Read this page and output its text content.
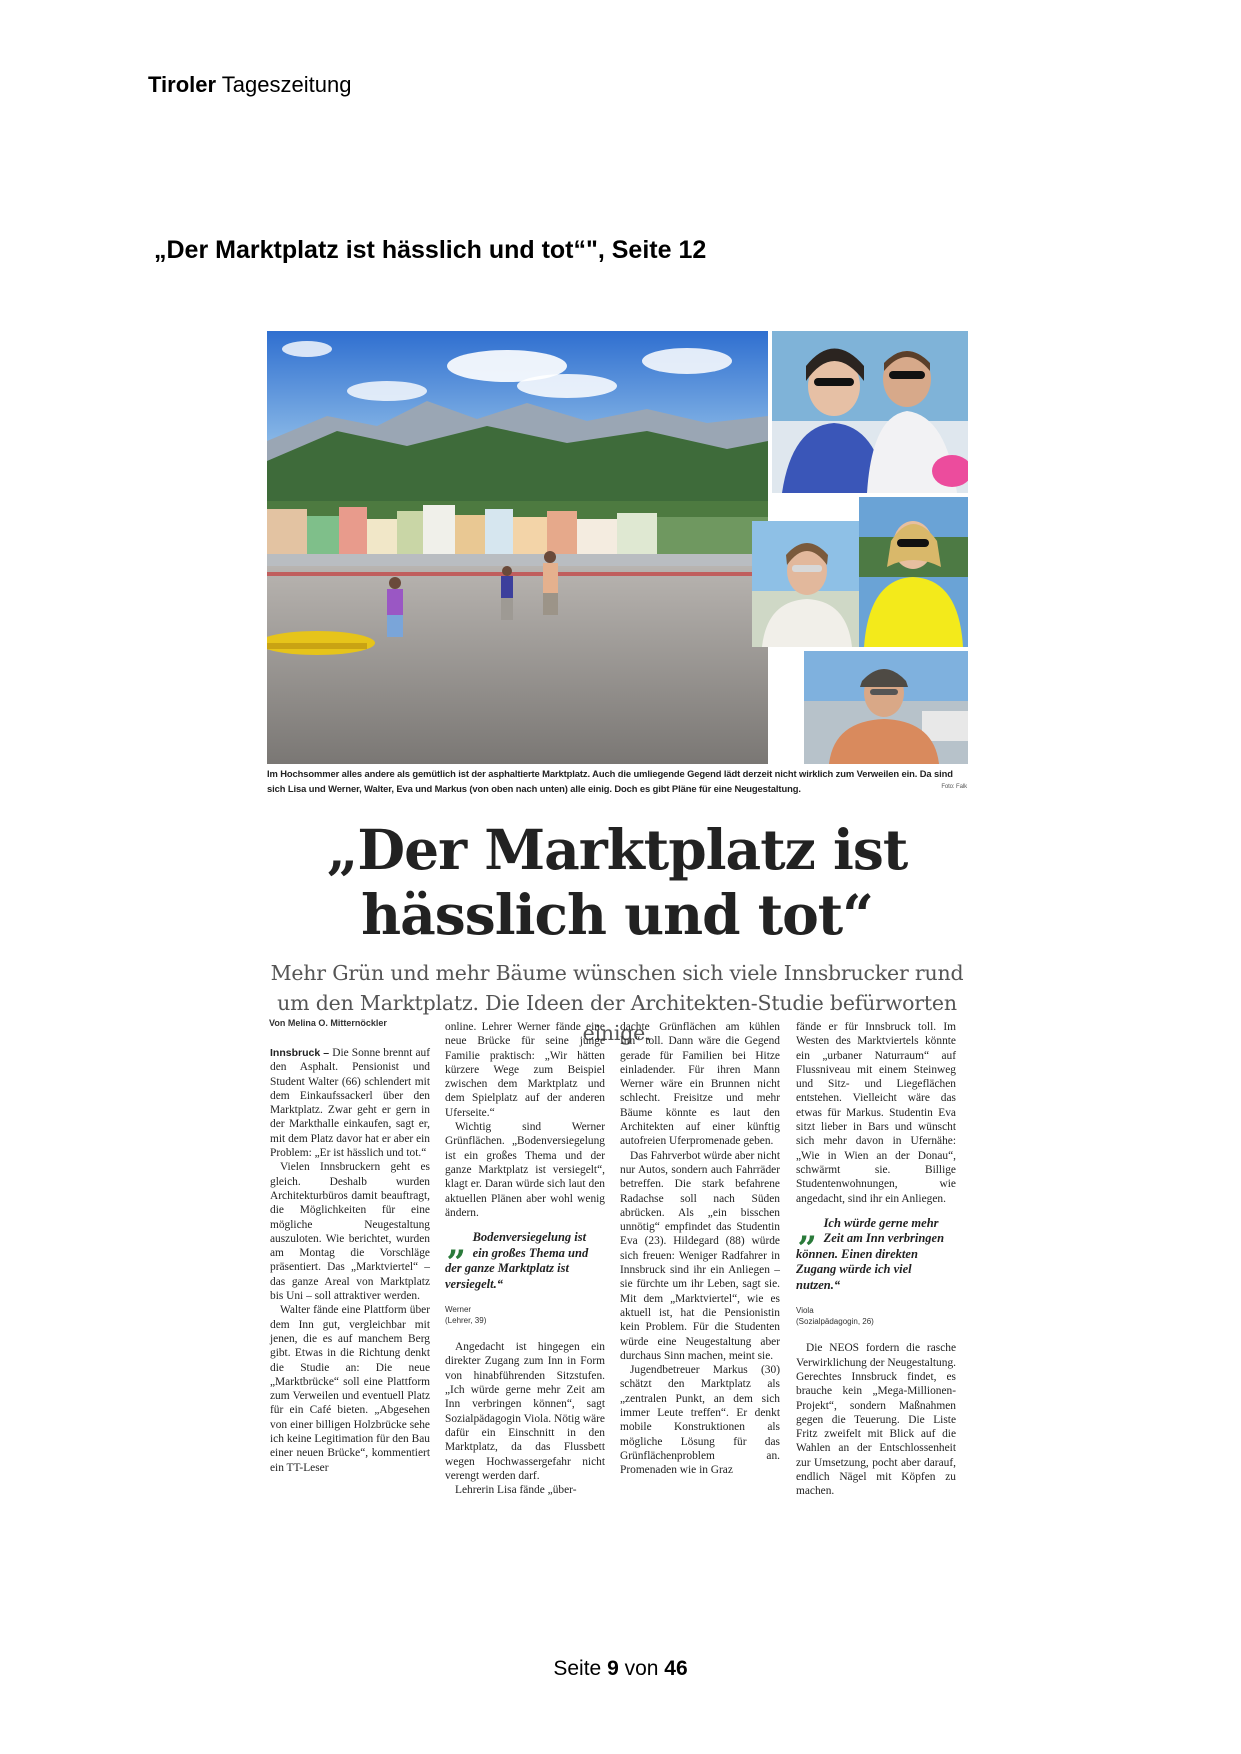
Tiroler Tageszeitung
„Der Marktplatz ist hässlich und tot“", Seite 12
Im Hochsommer alles andere als gemütlich ist der asphaltierte Marktplatz. Auch die umliegende Gegend lädt derzeit nicht wirklich zum Verweilen ein. Da sind sich Lisa und Werner, Walter, Eva und Markus (von oben nach unten) alle einig. Doch es gibt Pläne für eine Neugestaltung.	Foto: Falk
„Der Marktplatz ist
hässlich und tot“
Mehr Grün und mehr Bäume wünschen sich viele Innsbrucker rund um den Marktplatz. Die Ideen der Architekten-Studie befürworten einige.
Von Melina O. Mitternöckler

Innsbruck – Die Sonne brennt auf den Asphalt. Pensionist und Student Walter (66) schlendert mit dem Einkaufssackerl über den Marktplatz. Zwar geht er gern in der Markthalle einkaufen, sagt er, mit dem Platz davor hat er aber ein Problem: „Er ist hässlich und tot.“

Vielen Innsbruckern geht es gleich. Deshalb wurden Architekturbüros damit beauftragt, die Möglichkeiten für eine mögliche Neugestaltung auszuloten. Wie berichtet, wurden am Montag die Vorschläge präsentiert. Das „Marktviertel“ – das ganze Areal von Marktplatz bis Uni – soll attraktiver werden.

Walter fände eine Plattform über dem Inn gut, vergleichbar mit jenen, die es auf manchem Berg gibt. Etwas in die Richtung denkt die Studie an: Die neue „Marktbrücke“ soll eine Plattform zum Verweilen und eventuell Platz für ein Café bieten. „Abgesehen von einer billigen Holzbrücke sehe ich keine Legitimation für den Bau einer neuen Brücke“, kommentiert ein TT-Leser

online. Lehrer Werner fände eine neue Brücke für seine junge Familie praktisch: „Wir hätten kürzere Wege zum Beispiel zwischen dem Marktplatz und dem Spielplatz auf der anderen Uferseite.“

Wichtig sind Werner Grünflächen. „Bodenversiegelung ist ein großes Thema und der ganze Marktplatz ist versiegelt“, klagt er. Daran würde sich laut den aktuellen Plänen aber wohl wenig ändern.

„ Bodenversiegelung ist ein großes Thema und der ganze Marktplatz ist versiegelt.“
Werner
(Lehrer, 39)

Angedacht ist hingegen ein direkter Zugang zum Inn in Form von hinabführenden Sitzstufen. „Ich würde gerne mehr Zeit am Inn verbringen können“, sagt Sozialpädagogin Viola. Nötig wäre dafür ein Einschnitt in den Marktplatz, da das Flussbett wegen Hochwassergefahr nicht verengt werden darf.

Lehrerin Lisa fände „über-

dachte Grünflächen am kühlen Inn“ toll. Dann wäre die Gegend gerade für Familien bei Hitze einladender. Für ihren Mann Werner wäre ein Brunnen nicht schlecht. Freisitze und mehr Bäume könnte es laut den Architekten auf einer künftig autofreien Uferpromenade geben.

Das Fahrverbot würde aber nicht nur Autos, sondern auch Fahrräder betreffen. Die stark befahrene Radachse soll nach Süden abrücken. Als „ein bisschen unnötig“ empfindet das Studentin Eva (23). Hildegard (88) würde sich freuen: Weniger Radfahrer in Innsbruck sind ihr ein Anliegen – sie fürchte um ihr Leben, sagt sie. Mit dem „Marktviertel“, wie es aktuell ist, hat die Pensionistin kein Problem. Für die Studenten würde eine Neugestaltung aber durchaus Sinn machen, meint sie.

Jugendbetreuer Markus (30) schätzt den Marktplatz als „zentralen Punkt, an dem sich immer Leute treffen“. Er denkt mobile Konstruktionen als mögliche Lösung für das Grünflächenproblem an. Promenaden wie in Graz

fände er für Innsbruck toll. Im Westen des Marktviertels könnte ein „urbaner Naturraum“ auf Flussniveau mit einem Steinweg und Sitz- und Liegeflächen entstehen. Vielleicht wäre das etwas für Markus. Studentin Eva sitzt lieber in Bars und wünscht sich mehr davon in Ufernähe: „Wie in Wien an der Donau“, schwärmt sie. Billige Studentenwohnungen, wie angedacht, sind ihr ein Anliegen.

„ Ich würde gerne mehr Zeit am Inn verbringen können. Einen direkten Zugang würde ich viel nutzen.“
Viola
(Sozialpädagogin, 26)

Die NEOS fordern die rasche Verwirklichung der Neugestaltung. Gerechtes Innsbruck findet, es brauche kein „Mega-Millionen-Projekt“, sondern Maßnahmen gegen die Teuerung. Die Liste Fritz zweifelt mit Blick auf die Wahlen an der Entschlossenheit zur Umsetzung, pocht aber darauf, endlich Nägel mit Köpfen zu machen.

Seite 9 von 46
